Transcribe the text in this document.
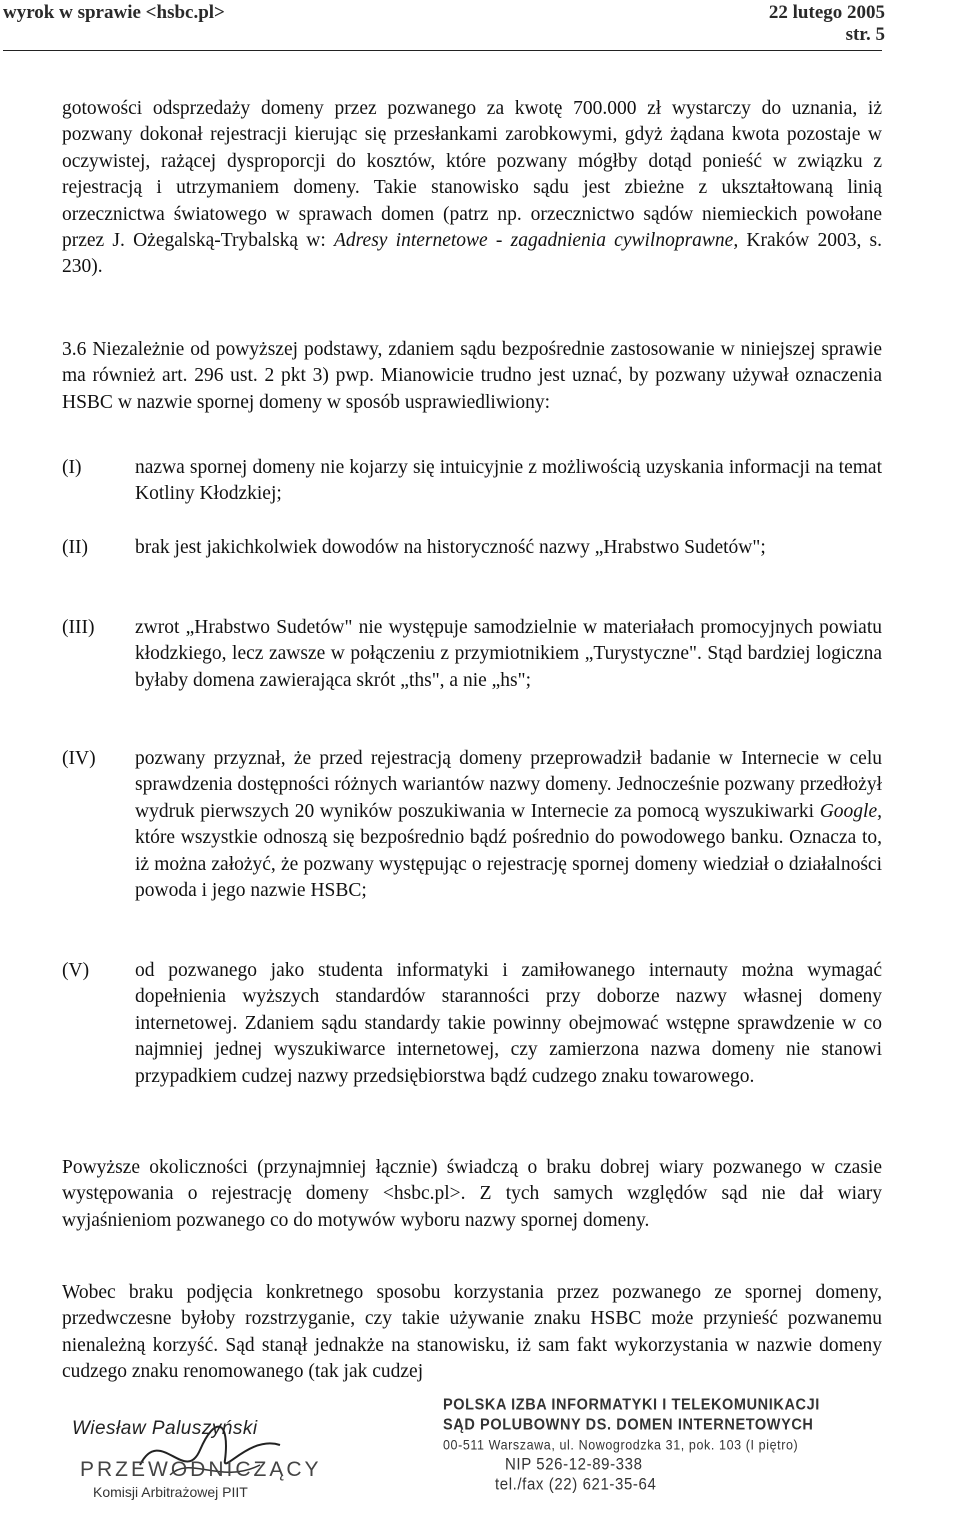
wyrok w sprawie <hsbc.pl>	22 lutego 2005
str. 5
gotowości odsprzedaży domeny przez pozwanego za kwotę 700.000 zł wystarczy do uznania, iż pozwany dokonał rejestracji kierując się przesłankami zarobkowymi, gdyż żądana kwota pozostaje w oczywistej, rażącej dysproporcji do kosztów, które pozwany mógłby dotąd ponieść w związku z rejestracją i utrzymaniem domeny. Takie stanowisko sądu jest zbieżne z ukształtowaną linią orzecznictwa światowego w sprawach domen (patrz np. orzecznictwo sądów niemieckich powołane przez J. Ożegalską-Trybalską w: Adresy internetowe - zagadnienia cywilnoprawne, Kraków 2003, s. 230).
3.6 Niezależnie od powyższej podstawy, zdaniem sądu bezpośrednie zastosowanie w niniejszej sprawie ma również art. 296 ust. 2 pkt 3) pwp. Mianowicie trudno jest uznać, by pozwany używał oznaczenia HSBC w nazwie spornej domeny w sposób usprawiedliwiony:
(I)	nazwa spornej domeny nie kojarzy się intuicyjnie z możliwością uzyskania informacji na temat Kotliny Kłodzkiej;
(II) brak jest jakichkolwiek dowodów na historyczność nazwy „Hrabstwo Sudetów";
(III) zwrot „Hrabstwo Sudetów" nie występuje samodzielnie w materiałach promocyjnych powiatu kłodzkiego, lecz zawsze w połączeniu z przymiotnikiem „Turystyczne". Stąd bardziej logiczna byłaby domena zawierająca skrót „ths", a nie „hs";
(IV) pozwany przyznał, że przed rejestracją domeny przeprowadził badanie w Internecie w celu sprawdzenia dostępności różnych wariantów nazwy domeny. Jednocześnie pozwany przedłożył wydruk pierwszych 20 wyników poszukiwania w Internecie za pomocą wyszukiwarki Google, które wszystkie odnoszą się bezpośrednio bądź pośrednio do powodowego banku. Oznacza to, iż można założyć, że pozwany występując o rejestrację spornej domeny wiedział o działalności powoda i jego nazwie HSBC;
(V) od pozwanego jako studenta informatyki i zamiłowanego internauty można wymagać dopełnienia wyższych standardów staranności przy doborze nazwy własnej domeny internetowej. Zdaniem sądu standardy takie powinny obejmować wstępne sprawdzenie w co najmniej jednej wyszukiwarce internetowej, czy zamierzona nazwa domeny nie stanowi przypadkiem cudzej nazwy przedsiębiorstwa bądź cudzego znaku towarowego.
Powyższe okoliczności (przynajmniej łącznie) świadczą o braku dobrej wiary pozwanego w czasie występowania o rejestrację domeny <hsbc.pl>. Z tych samych względów sąd nie dał wiary wyjaśnieniom pozwanego co do motywów wyboru nazwy spornej domeny.
Wobec braku podjęcia konkretnego sposobu korzystania przez pozwanego ze spornej domeny, przedwczesne byłoby rozstrzyganie, czy takie używanie znaku HSBC może przynieść pozwanemu nienależną korzyść. Sąd stanął jednakże na stanowisku, iż sam fakt wykorzystania w nazwie domeny cudzego znaku renomowanego (tak jak cudzej
Wiesław Paluszyński
PRZEWODNICZĄCY
Komisji Arbitrażowej PIIT
POLSKA IZBA INFORMATYKI I TELEKOMUNIKACJI
SĄD POLUBOWNY DS. DOMEN INTERNETOWYCH
00-511 Warszawa, ul. Nowogrodzka 31, pok. 103 (I piętro)
NIP 526-12-89-338
tel./fax (22) 621-35-64
